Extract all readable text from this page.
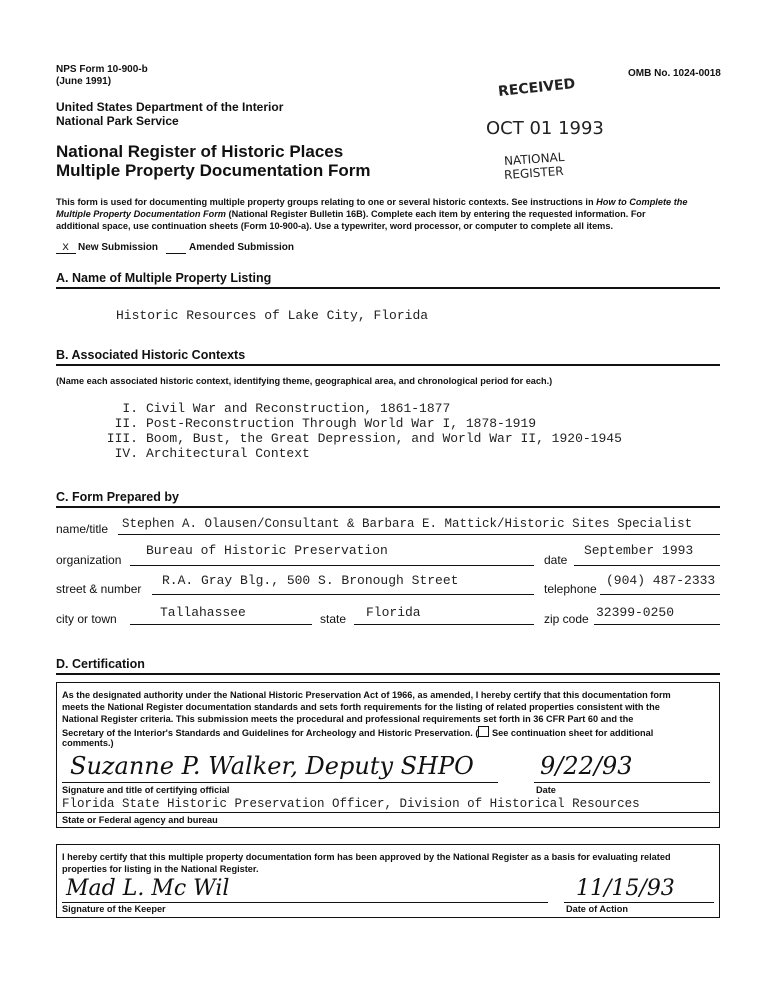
NPS Form 10-900-b
(June 1991)
OMB No. 1024-0018
United States Department of the Interior
National Park Service
National Register of Historic Places
Multiple Property Documentation Form
RECEIVED
OCT 01 1993
NATIONAL
REGISTER
This form is used for documenting multiple property groups relating to one or several historic contexts. See instructions in How to Complete the
Multiple Property Documentation Form (National Register Bulletin 16B). Complete each item by entering the requested information. For
additional space, use continuation sheets (Form 10-900-a). Use a typewriter, word processor, or computer to complete all items.
x New Submission	Amended Submission
A. Name of Multiple Property Listing
Historic Resources of Lake City, Florida
B. Associated Historic Contexts
(Name each associated historic context, identifying theme, geographical area, and chronological period for each.)
I. Civil War and Reconstruction, 1861-1877
II. Post-Reconstruction Through World War I, 1878-1919
III. Boom, Bust, the Great Depression, and World War II, 1920-1945
IV. Architectural Context
C. Form Prepared by
name/title Stephen A. Olausen/Consultant & Barbara E. Mattick/Historic Sites Specialist
organization
Bureau of Historic Preservation
date
September 1993
street & number
R.A. Gray Blg., 500 S. Bronough Street
telephone
(904) 487-2333
city or town	Tallahassee	state Florida	zip code 32399-0250
D. Certification
As the designated authority under the National Historic Preservation Act of 1966, as amended, I hereby certify that this documentation form
meets the National Register documentation standards and sets forth requirements for the listing of related properties consistent with the
National Register criteria. This submission meets the procedural and professional requirements set forth in 36 CFR Part 60 and the
Secretary of the Interior's Standards and Guidelines for Archeology and Historic Preservation. ( See continuation sheet for additional
comments.)
Suzanne P. Walker, Deputy SHPO	9/22/93
Signature and title of certifying official	Date
Florida State Historic Preservation Officer, Division of Historical Resources
State or Federal agency and bureau
I hereby certify that this multiple property documentation form has been approved by the National Register as a basis for evaluating related
properties for listing in the National Register.
Mad L. Mc Wil	11/15/93
Signature of the Keeper	Date of Action
